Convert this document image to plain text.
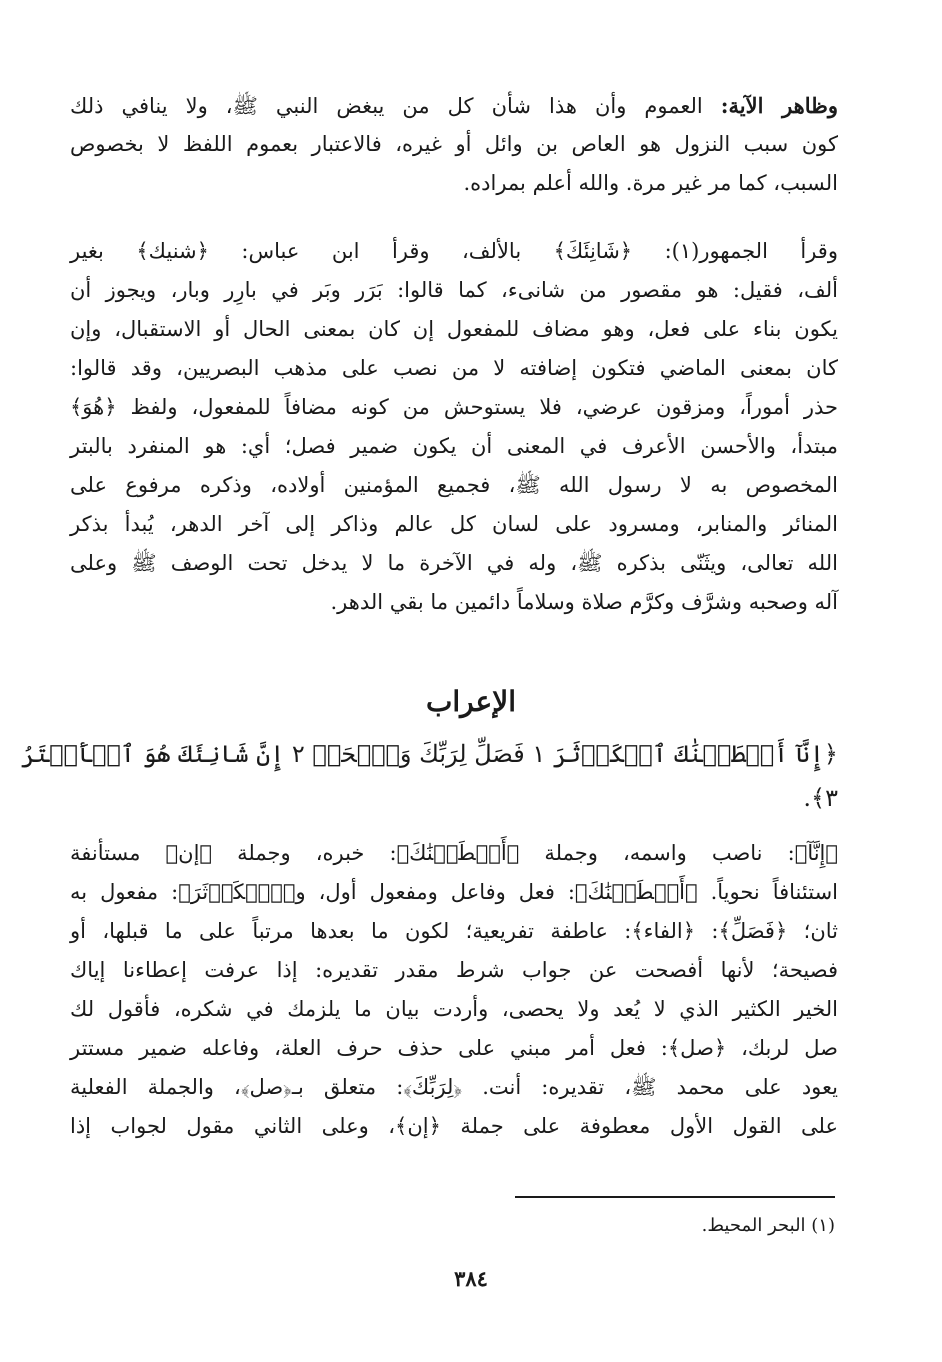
وظاهر الآية: العموم وأن هذا شأن كل من يبغض النبي ﷺ، ولا ينافي ذلك
كون سبب النزول هو العاص بن وائل أو غيره، فالاعتبار بعموم اللفظ لا بخصوص
السبب، كما مر غير مرة. والله أعلم بمراده.
وقرأ الجمهور(١): ﴿شَانِئَكَ﴾ بالألف، وقرأ ابن عباس: ﴿شنيك﴾ بغير
ألف، فقيل: هو مقصور من شانىء، كما قالوا: بَرَر وبَر في بارِر وبار، ويجوز أن
يكون بناء على فعل، وهو مضاف للمفعول إن كان بمعنى الحال أو الاستقبال، وإن
كان بمعنى الماضي فتكون إضافته لا من نصب على مذهب البصريين، وقد قالوا:
حذر أموراً، ومزقون عرضي، فلا يستوحش من كونه مضافاً للمفعول، ولفظ ﴿هُوَ﴾
مبتدأ، والأحسن الأعرف في المعنى أن يكون ضمير فصل؛ أي: هو المنفرد بالبتر
المخصوص به لا رسول الله ﷺ، فجميع المؤمنين أولاده، وذكره مرفوع على
المنائر والمنابر، ومسرود على لسان كل عالم وذاكر إلى آخر الدهر، يُبدأ بذكر
الله تعالى، ويثَنّى بذكره ﷺ، وله في الآخرة ما لا يدخل تحت الوصف ﷺ وعلى
آله وصحبه وشرَّف وكرَّم صلاة وسلاماً دائمين ما بقي الدهر.
الإعراب
﴿إِنَّآ أَعۡطَيۡنَٰكَ ٱلۡكَوۡثَرَ ١ فَصَلِّ لِرَبِّكَ وَٱنۡحَرۡ ٢ إِنَّ شَانِئَكَ هُوَ ٱلۡأَبۡتَرُ
٣﴾.
﴿إِنَّآ﴾: ناصب واسمه، وجملة ﴿أَعۡطَيۡنَٰكَ﴾: خبره، وجملة ﴿إن﴾ مستأنفة
استئنافاً نحوياً. ﴿أَعۡطَيۡنَٰكَ﴾: فعل وفاعل ومفعول أول، و﴿ٱلۡكَوۡثَرَ﴾: مفعول به
ثان؛ ﴿فَصَلِّ﴾: ﴿الفاء﴾: عاطفة تفريعية؛ لكون ما بعدها مرتباً على ما قبلها، أو
فصيحة؛ لأنها أفصحت عن جواب شرط مقدر تقديره: إذا عرفت إعطاءنا إياك
الخير الكثير الذي لا يُعد ولا يحصى، وأردت بيان ما يلزمك في شكره، فأقول لك
صل لربك، ﴿صل﴾: فعل أمر مبني على حذف حرف العلة، وفاعله ضمير مستتر
يعود على محمد ﷺ، تقديره: أنت. ﴿لِرَبِّكَ﴾: متعلق بـ﴿صل﴾، والجملة الفعلية
على القول الأول معطوفة على جملة ﴿إن﴾، وعلى الثاني مقول لجواب إذا
(١) البحر المحيط.
٣٨٤
